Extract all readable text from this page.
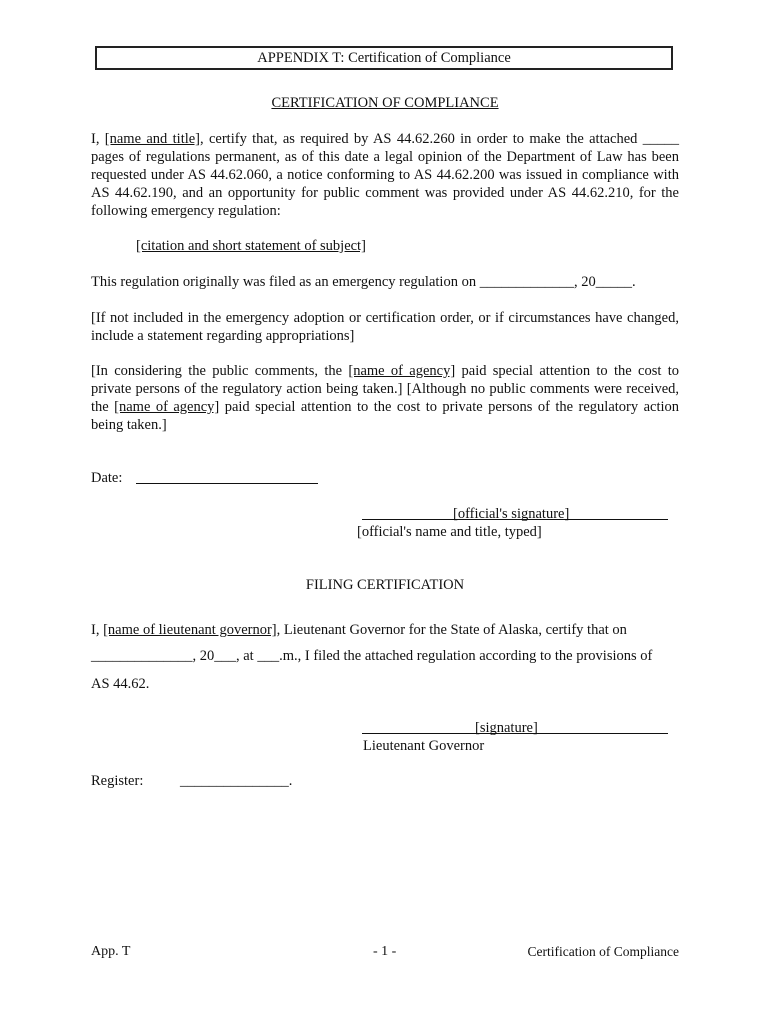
APPENDIX T: Certification of Compliance
CERTIFICATION OF COMPLIANCE
I, [name and title], certify that, as required by AS 44.62.260 in order to make the attached _____ pages of regulations permanent, as of this date a legal opinion of the Department of Law has been requested under AS 44.62.060, a notice conforming to AS 44.62.200 was issued in compliance with AS 44.62.190, and an opportunity for public comment was provided under AS 44.62.210, for the following emergency regulation:
[citation and short statement of subject]
This regulation originally was filed as an emergency regulation on _____________, 20_____.
[If not included in the emergency adoption or certification order, or if circumstances have changed, include a statement regarding appropriations]
[In considering the public comments, the [name of agency] paid special attention to the cost to private persons of the regulatory action being taken.] [Although no public comments were received, the [name of agency] paid special attention to the cost to private persons of the regulatory action being taken.]
Date:
[official's signature]
[official's name and title, typed]
FILING CERTIFICATION
I, [name of lieutenant governor], Lieutenant Governor for the State of Alaska, certify that on
______________, 20___, at ___.m., I filed the attached regulation according to the provisions of
AS 44.62.
[signature]
Lieutenant Governor
Register:	_______________.
App. T	- 1 -	Certification of Compliance
